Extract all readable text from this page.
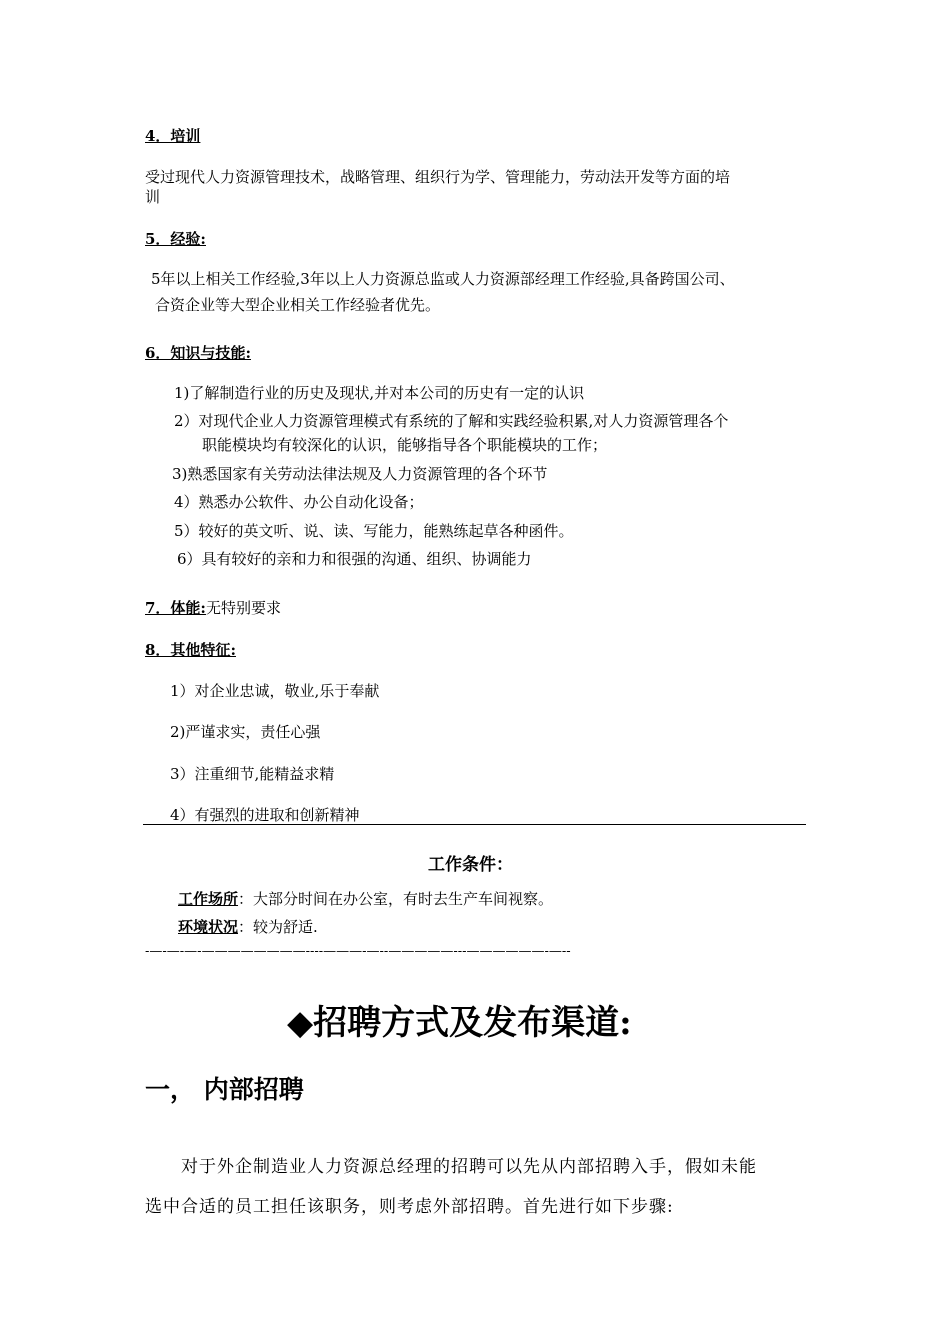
4．培训
受过现代人力资源管理技术，战略管理、组织行为学、管理能力，劳动法开发等方面的培
训
5．经验:
5年以上相关工作经验,3年以上人力资源总监或人力资源部经理工作经验,具备跨国公司、
合资企业等大型企业相关工作经验者优先。
6．知识与技能:
1)了解制造行业的历史及现状,并对本公司的历史有一定的认识
2）对现代企业人力资源管理模式有系统的了解和实践经验积累,对人力资源管理各个
职能模块均有较深化的认识，能够指导各个职能模块的工作；
3)熟悉国家有关劳动法律法规及人力资源管理的各个环节
4）熟悉办公软件、办公自动化设备；
5）较好的英文听、说、读、写能力，能熟练起草各种函件。
6）具有较好的亲和力和很强的沟通、组织、协调能力
7．体能:无特别要求
8．其他特征:
1）对企业忠诚，敬业,乐于奉献
2)严谨求实，责任心强
3）注重细节,能精益求精
4）有强烈的进取和创新精神
工作条件：
工作场所：大部分时间在办公室，有时去生产车间视察。
环境状况：较为舒适.
-—-—-—-————————----———-—--—————---——————-—--
◆招聘方式及发布渠道:
一， 内部招聘
对于外企制造业人力资源总经理的招聘可以先从内部招聘入手，假如未能
选中合适的员工担任该职务，则考虑外部招聘。首先进行如下步骤:
